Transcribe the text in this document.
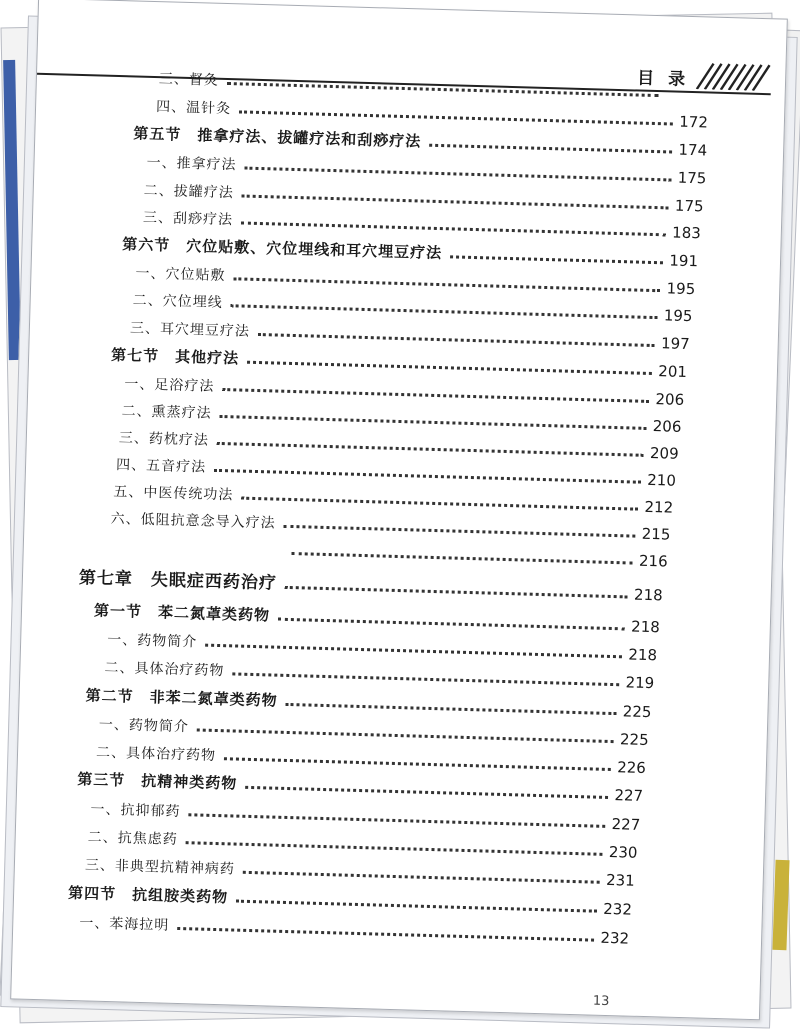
目 录
三、督灸
四、温针灸
172
第五节　推拿疗法、拔罐疗法和刮痧疗法	174
一、推拿疗法
175
二、拔罐疗法
175
三、刮痧疗法
183
第六节　穴位贴敷、穴位埋线和耳穴埋豆疗法	191
一、穴位贴敷
195
二、穴位埋线
195
三、耳穴埋豆疗法
197
第七节　其他疗法
201
一、足浴疗法
206
二、熏蒸疗法
206
三、药枕疗法
209
四、五音疗法
210
五、中医传统功法
212
六、低阻抗意念导入疗法
215
216
第七章　失眠症西药治疗
218
第一节　苯二氮䓬类药物
218
一、药物简介
218
二、具体治疗药物
219
第二节　非苯二氮䓬类药物
225
一、药物简介
225
二、具体治疗药物
226
第三节　抗精神类药物
227
一、抗抑郁药
227
二、抗焦虑药
230
三、非典型抗精神病药
231
第四节　抗组胺类药物
232
一、苯海拉明
232
13
